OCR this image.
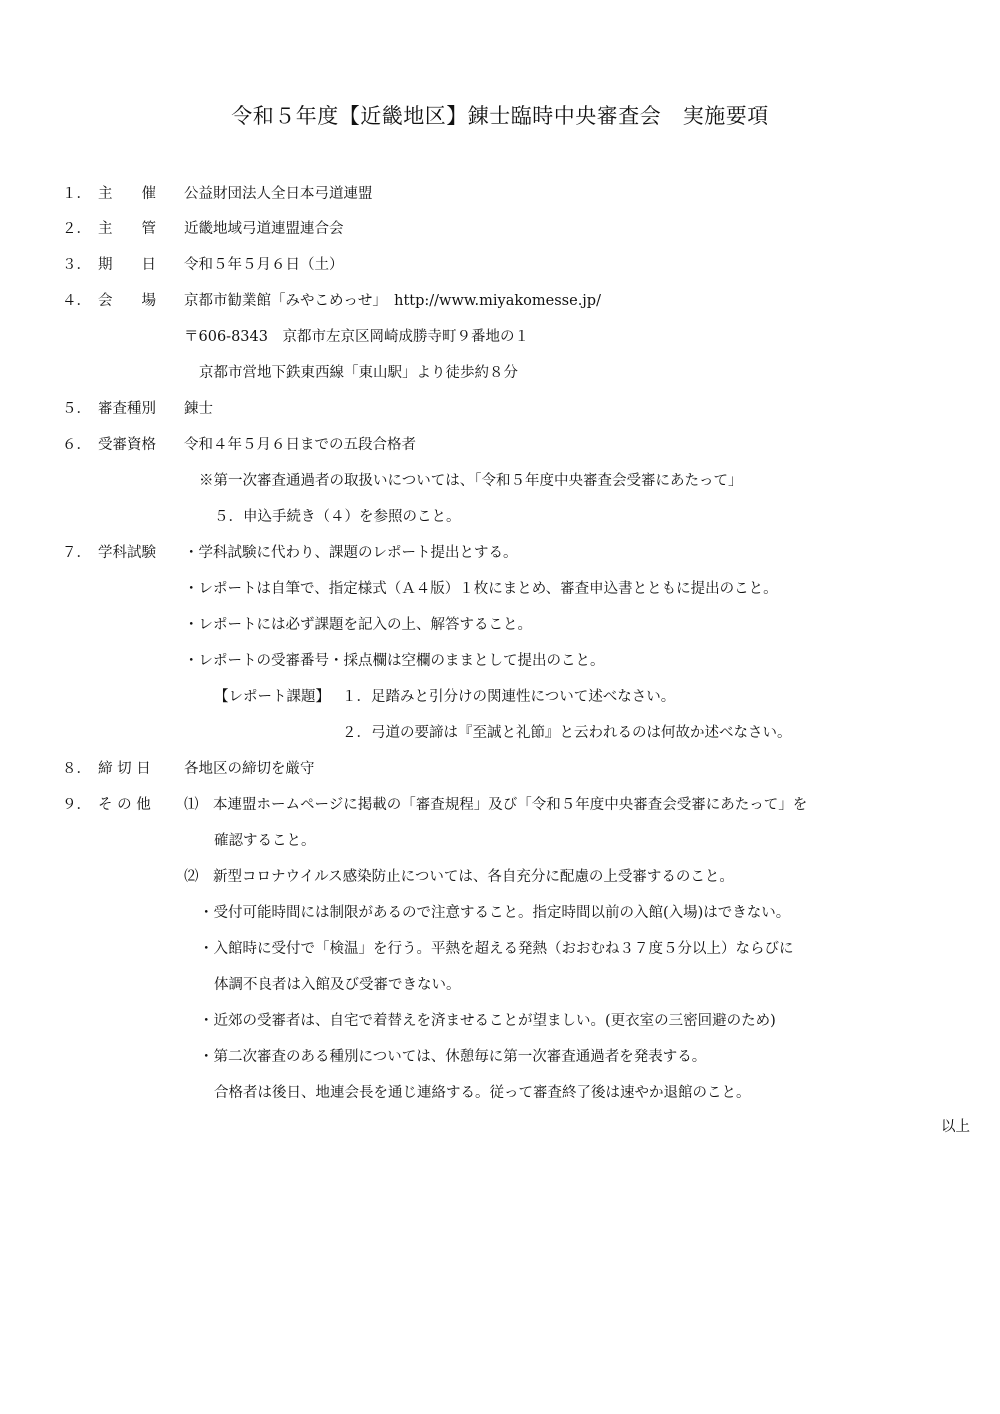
令和５年度【近畿地区】錬士臨時中央審査会　実施要項
１． 主　　催 公益財団法人全日本弓道連盟
２． 主　　管 近畿地域弓道連盟連合会
３． 期　　日 令和５年５月６日（土）
４． 会　　場 京都市勧業館「みやこめっせ」　http://www.miyakomesse.jp/
〒606-8343　京都市左京区岡崎成勝寺町９番地の１
京都市営地下鉄東西線「東山駅」より徒歩約８分
５． 審査種別 錬士
６． 受審資格 令和４年５月６日までの五段合格者
※第一次審査通過者の取扱いについては、「令和５年度中央審査会受審にあたって」
５．申込手続き（４）を参照のこと。
７． 学科試験 ・学科試験に代わり、課題のレポート提出とする。
・レポートは自筆で、指定様式（Ａ４版）１枚にまとめ、審査申込書とともに提出のこと。
・レポートには必ず課題を記入の上、解答すること。
・レポートの受審番号・採点欄は空欄のままとして提出のこと。
【レポート課題】 １．足踏みと引分けの関連性について述べなさい。
２．弓道の要諦は『至誠と礼節』と云われるのは何故か述べなさい。
８． 締 切 日 各地区の締切を厳守
９． そ の 他 ⑴　本連盟ホームページに掲載の「審査規程」及び「令和５年度中央審査会受審にあたって」を
確認すること。
⑵　新型コロナウイルス感染防止については、各自充分に配慮の上受審するのこと。
・受付可能時間には制限があるので注意すること。指定時間以前の入館(入場)はできない。
・入館時に受付で「検温」を行う。平熱を超える発熱（おおむね３７度５分以上）ならびに
体調不良者は入館及び受審できない。
・近郊の受審者は、自宅で着替えを済ませることが望ましい。(更衣室の三密回避のため)
・第二次審査のある種別については、休憩毎に第一次審査通過者を発表する。
合格者は後日、地連会長を通じ連絡する。従って審査終了後は速やか退館のこと。
以上
